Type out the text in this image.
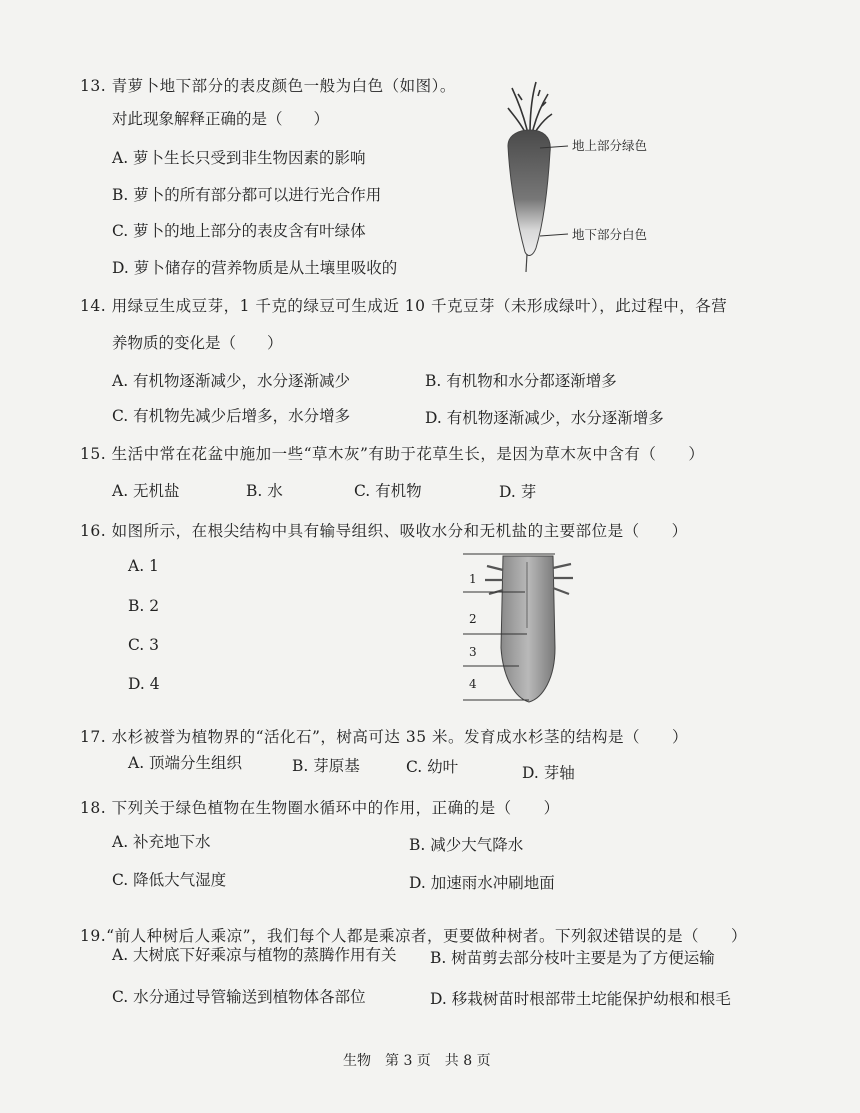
13. 青萝卜地下部分的表皮颜色一般为白色（如图）。
对此现象解释正确的是（　　）
A. 萝卜生长只受到非生物因素的影响
B. 萝卜的所有部分都可以进行光合作用
C. 萝卜的地上部分的表皮含有叶绿体
D. 萝卜储存的营养物质是从土壤里吸收的
地上部分绿色
地下部分白色
14. 用绿豆生成豆芽，1 千克的绿豆可生成近 10 千克豆芽（未形成绿叶），此过程中，各营
养物质的变化是（　　）
A. 有机物逐渐减少，水分逐渐减少	B. 有机物和水分都逐渐增多
C. 有机物先减少后增多，水分增多	D. 有机物逐渐减少，水分逐渐增多
15. 生活中常在花盆中施加一些“草木灰”有助于花草生长，是因为草木灰中含有（　　）
A. 无机盐	B. 水	C. 有机物	D. 芽
16. 如图所示，在根尖结构中具有输导组织、吸收水分和无机盐的主要部位是（　　）
A. 1
B. 2
C. 3
D. 4
1
2
3
4
17. 水杉被誉为植物界的“活化石”，树高可达 35 米。发育成水杉茎的结构是（　　）
A. 顶端分生组织	B. 芽原基	C. 幼叶	D. 芽轴
18. 下列关于绿色植物在生物圈水循环中的作用，正确的是（　　）
A. 补充地下水	B. 减少大气降水
C. 降低大气湿度	D. 加速雨水冲刷地面
19.“前人种树后人乘凉”，我们每个人都是乘凉者，更要做种树者。下列叙述错误的是（　　）
A. 大树底下好乘凉与植物的蒸腾作用有关 B. 树苗剪去部分枝叶主要是为了方便运输
C. 水分通过导管输送到植物体各部位	D. 移栽树苗时根部带土坨能保护幼根和根毛
生物　第 3 页　共 8 页
